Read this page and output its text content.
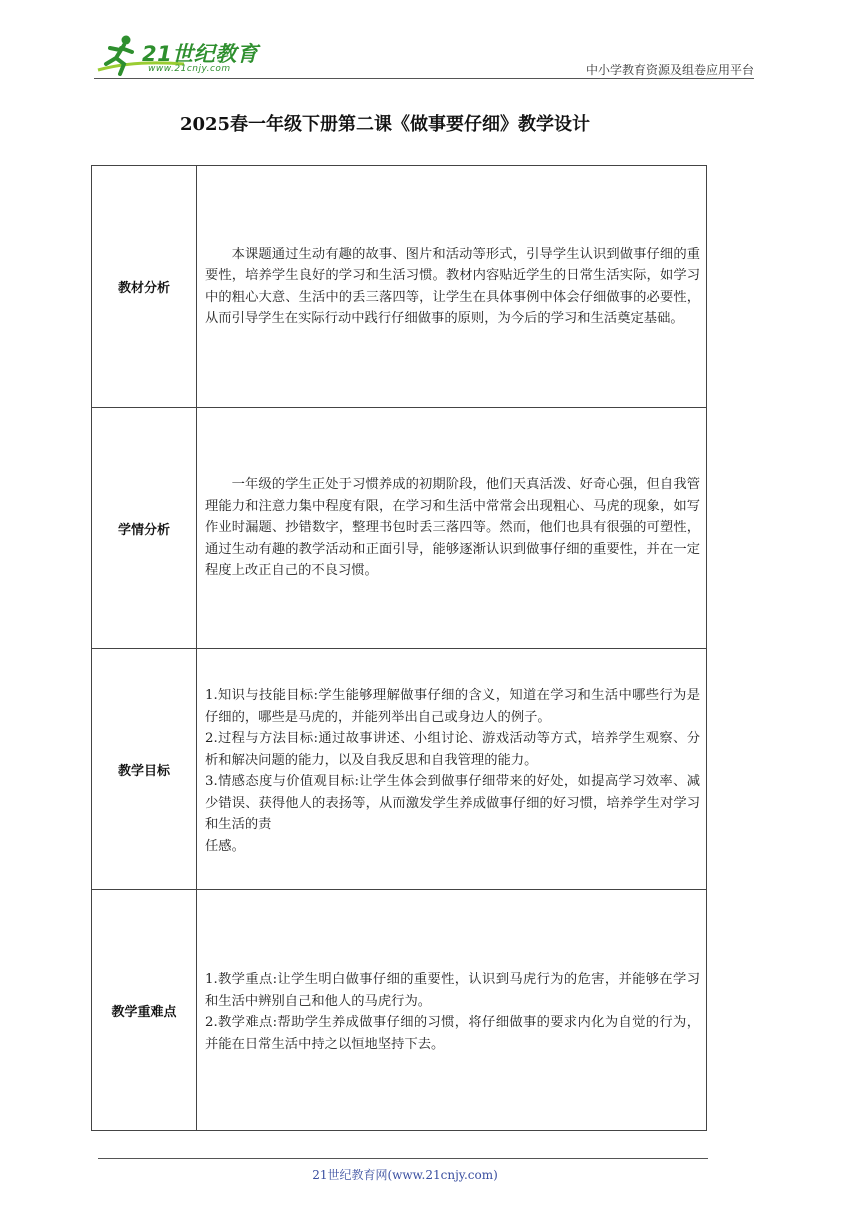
21世纪教育
www.21cnjy.com	中小学教育资源及组卷应用平台
2025春一年级下册第二课《做事要仔细》教学设计
教材分析	本课题通过生动有趣的故事、图片和活动等形式，引导学生认识到做事仔细的重要性，培养学生良好的学习和生活习惯。教材内容贴近学生的日常生活实际，如学习中的粗心大意、生活中的丢三落四等，让学生在具体事例中体会仔细做事的必要性，从而引导学生在实际行动中践行仔细做事的原则，为今后的学习和生活奠定基础。

学情分析	一年级的学生正处于习惯养成的初期阶段，他们天真活泼、好奇心强，但自我管理能力和注意力集中程度有限，在学习和生活中常常会出现粗心、马虎的现象，如写作业时漏题、抄错数字，整理书包时丢三落四等。然而，他们也具有很强的可塑性，通过生动有趣的教学活动和正面引导，能够逐渐认识到做事仔细的重要性，并在一定程度上改正自己的不良习惯。

教学目标	1.知识与技能目标:学生能够理解做事仔细的含义，知道在学习和生活中哪些行为是仔细的，哪些是马虎的，并能列举出自己或身边人的例子。

2.过程与方法目标:通过故事讲述、小组讨论、游戏活动等方式，培养学生观察、分析和解决问题的能力，以及自我反思和自我管理的能力。

3.情感态度与价值观目标:让学生体会到做事仔细带来的好处，如提高学习效率、减少错误、获得他人的表扬等，从而激发学生养成做事仔细的好习惯，培养学生对学习和生活的责

任感。

教学重难点	1.教学重点:让学生明白做事仔细的重要性，认识到马虎行为的危害，并能够在学习和生活中辨别自己和他人的马虎行为。

2.教学难点:帮助学生养成做事仔细的习惯，将仔细做事的要求内化为自觉的行为，并能在日常生活中持之以恒地坚持下去。

21世纪教育网(www.21cnjy.com)
